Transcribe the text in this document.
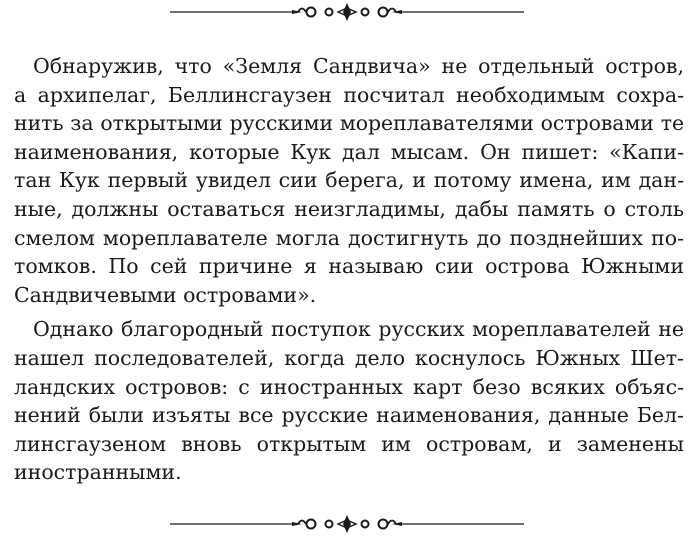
Обнаружив, что «Земля Сандвича» не отдельный остров,
а архипелаг, Беллинсгаузен посчитал необходимым сохра-
нить за открытыми русскими мореплавателями островами те
наименования, которые Кук дал мысам. Он пишет: «Капи-
тан Кук первый увидел сии берега, и потому имена, им дан-
ные, должны оставаться неизгладимы, дабы память о столь
смелом мореплавателе могла достигнуть до позднейших по-
томков. По сей причине я называю сии острова Южными
Сандвичевыми островами».

Однако благородный поступок русских мореплавателей не
нашел последователей, когда дело коснулось Южных Шет-
ландских островов: с иностранных карт безо всяких объяс-
нений были изъяты все русские наименования, данные Бел-
линсгаузеном вновь открытым им островам, и заменены
иностранными.
